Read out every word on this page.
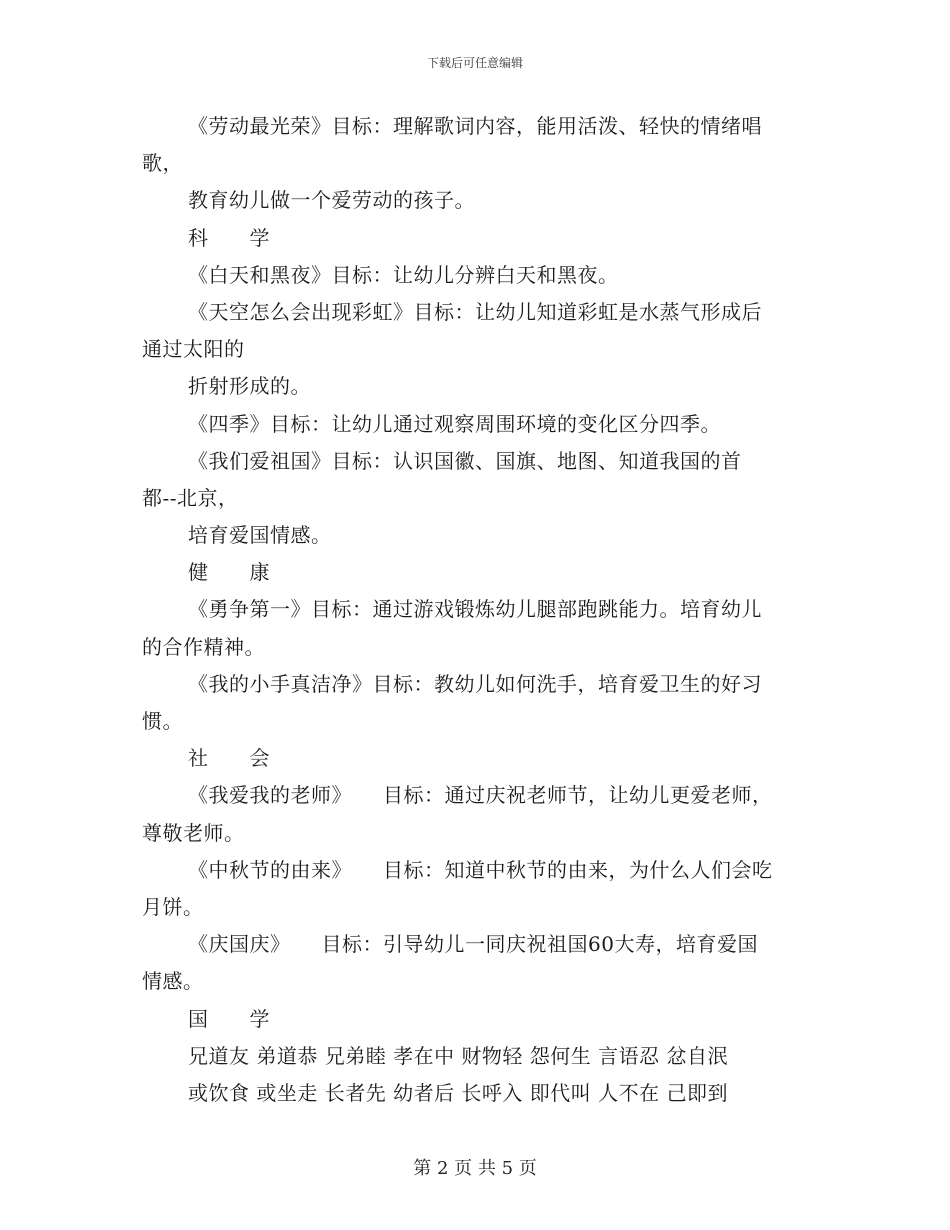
下载后可任意编辑
《劳动最光荣》目标：理解歌词内容，能用活泼、轻快的情绪唱
歌，
教育幼儿做一个爱劳动的孩子。
科　　学
《白天和黑夜》目标：让幼儿分辨白天和黑夜。
《天空怎么会出现彩虹》目标：让幼儿知道彩虹是水蒸气形成后
通过太阳的
折射形成的。
《四季》目标：让幼儿通过观察周围环境的变化区分四季。
《我们爱祖国》目标：认识国徽、国旗、地图、知道我国的首
都--北京，
培育爱国情感。
健　　康
《勇争第一》目标：通过游戏锻炼幼儿腿部跑跳能力。培育幼儿
的合作精神。
《我的小手真洁净》目标：教幼儿如何洗手，培育爱卫生的好习
惯。
社　　会
《我爱我的老师》　　目标：通过庆祝老师节，让幼儿更爱老师，
尊敬老师。
《中秋节的由来》　　目标：知道中秋节的由来，为什么人们会吃
月饼。
《庆国庆》　　目标：引导幼儿一同庆祝祖国60大寿，培育爱国
情感。
国　　学
兄道友 弟道恭 兄弟睦 孝在中 财物轻 怨何生 言语忍 忿自泯
或饮食 或坐走 长者先 幼者后 长呼入 即代叫 人不在 己即到
第 2 页 共 5 页
